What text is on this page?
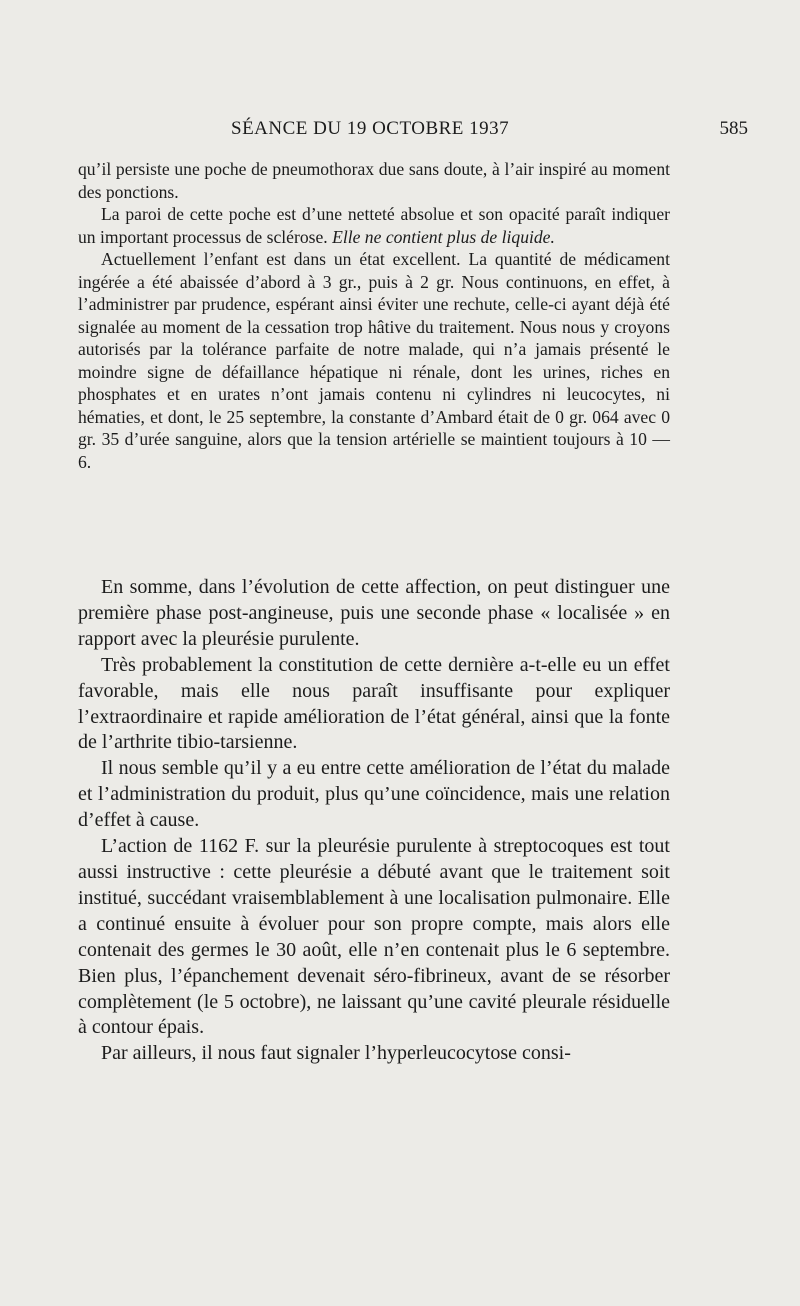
SÉANCE DU 19 OCTOBRE 1937	585

qu’il persiste une poche de pneumothorax due sans doute, à l’air inspiré au moment des ponctions.

La paroi de cette poche est d’une netteté absolue et son opacité paraît indiquer un important processus de sclérose. Elle ne contient plus de liquide.

Actuellement l’enfant est dans un état excellent. La quantité de médicament ingérée a été abaissée d’abord à 3 gr., puis à 2 gr. Nous continuons, en effet, à l’administrer par prudence, espérant ainsi éviter une rechute, celle-ci ayant déjà été signalée au moment de la cessation trop hâtive du traitement. Nous nous y croyons autorisés par la tolérance parfaite de notre malade, qui n’a jamais présenté le moindre signe de défaillance hépatique ni rénale, dont les urines, riches en phosphates et en urates n’ont jamais contenu ni cylindres ni leucocytes, ni hématies, et dont, le 25 septembre, la constante d’Ambard était de 0 gr. 064 avec 0 gr. 35 d’urée sanguine, alors que la tension artérielle se maintient toujours à 10 — 6.

En somme, dans l’évolution de cette affection, on peut distinguer une première phase post-angineuse, puis une seconde phase « localisée » en rapport avec la pleurésie purulente.

Très probablement la constitution de cette dernière a-t-elle eu un effet favorable, mais elle nous paraît insuffisante pour expliquer l’extraordinaire et rapide amélioration de l’état général, ainsi que la fonte de l’arthrite tibio-tarsienne.

Il nous semble qu’il y a eu entre cette amélioration de l’état du malade et l’administration du produit, plus qu’une coïncidence, mais une relation d’effet à cause.

L’action de 1162 F. sur la pleurésie purulente à streptocoques est tout aussi instructive : cette pleurésie a débuté avant que le traitement soit institué, succédant vraisemblablement à une localisation pulmonaire. Elle a continué ensuite à évoluer pour son propre compte, mais alors elle contenait des germes le 30 août, elle n’en contenait plus le 6 septembre. Bien plus, l’épanchement devenait séro-fibrineux, avant de se résorber complètement (le 5 octobre), ne laissant qu’une cavité pleurale résiduelle à contour épais.

Par ailleurs, il nous faut signaler l’hyperleucocytose consi-
